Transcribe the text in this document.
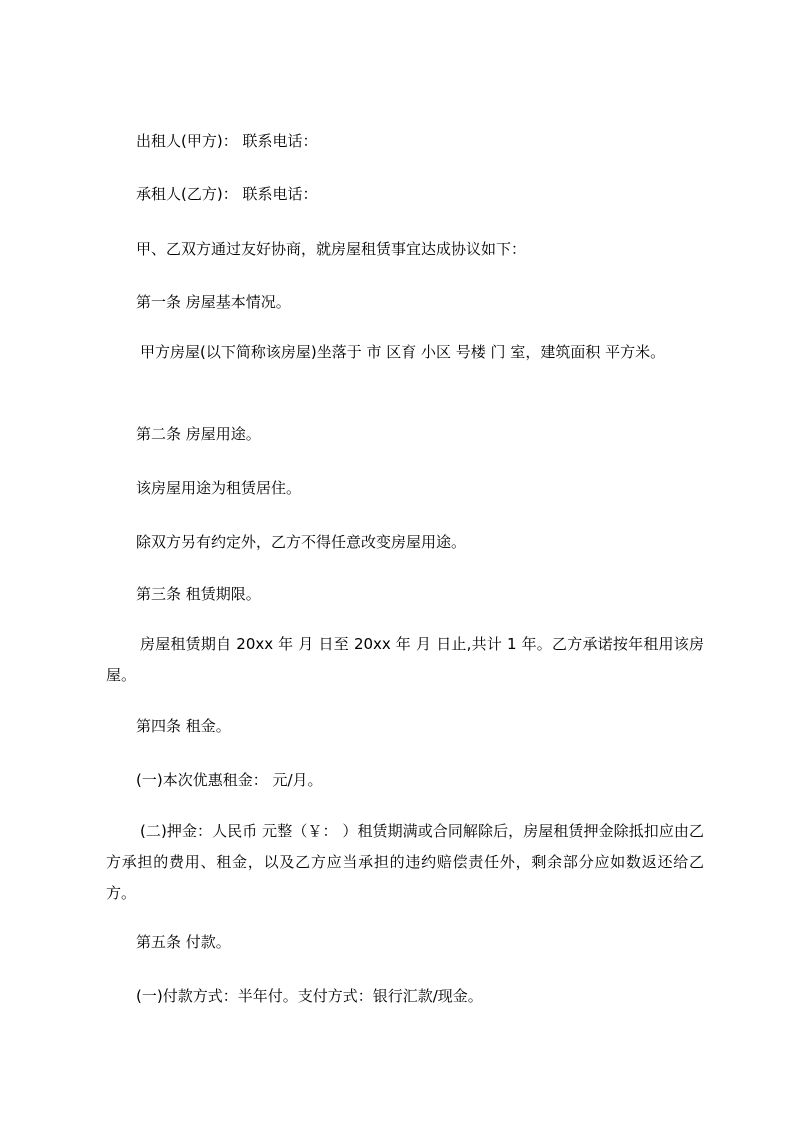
出租人(甲方)： 联系电话：
承租人(乙方)： 联系电话：
甲、乙双方通过友好协商，就房屋租赁事宜达成协议如下：
第一条 房屋基本情况。
甲方房屋(以下简称该房屋)坐落于 市 区育 小区 号楼 门 室，建筑面积 平方米。
第二条 房屋用途。
该房屋用途为租赁居住。
除双方另有约定外，乙方不得任意改变房屋用途。
第三条 租赁期限。
房屋租赁期自 20xx 年 月 日至 20xx 年 月 日止,共计 1 年。乙方承诺按年租用该房屋。
第四条 租金。
(一)本次优惠租金： 元/月。
(二)押金：人民币 元整（￥： ）租赁期满或合同解除后，房屋租赁押金除抵扣应由乙方承担的费用、租金，以及乙方应当承担的违约赔偿责任外，剩余部分应如数返还给乙方。
第五条 付款。
(一)付款方式：半年付。支付方式：银行汇款/现金。
